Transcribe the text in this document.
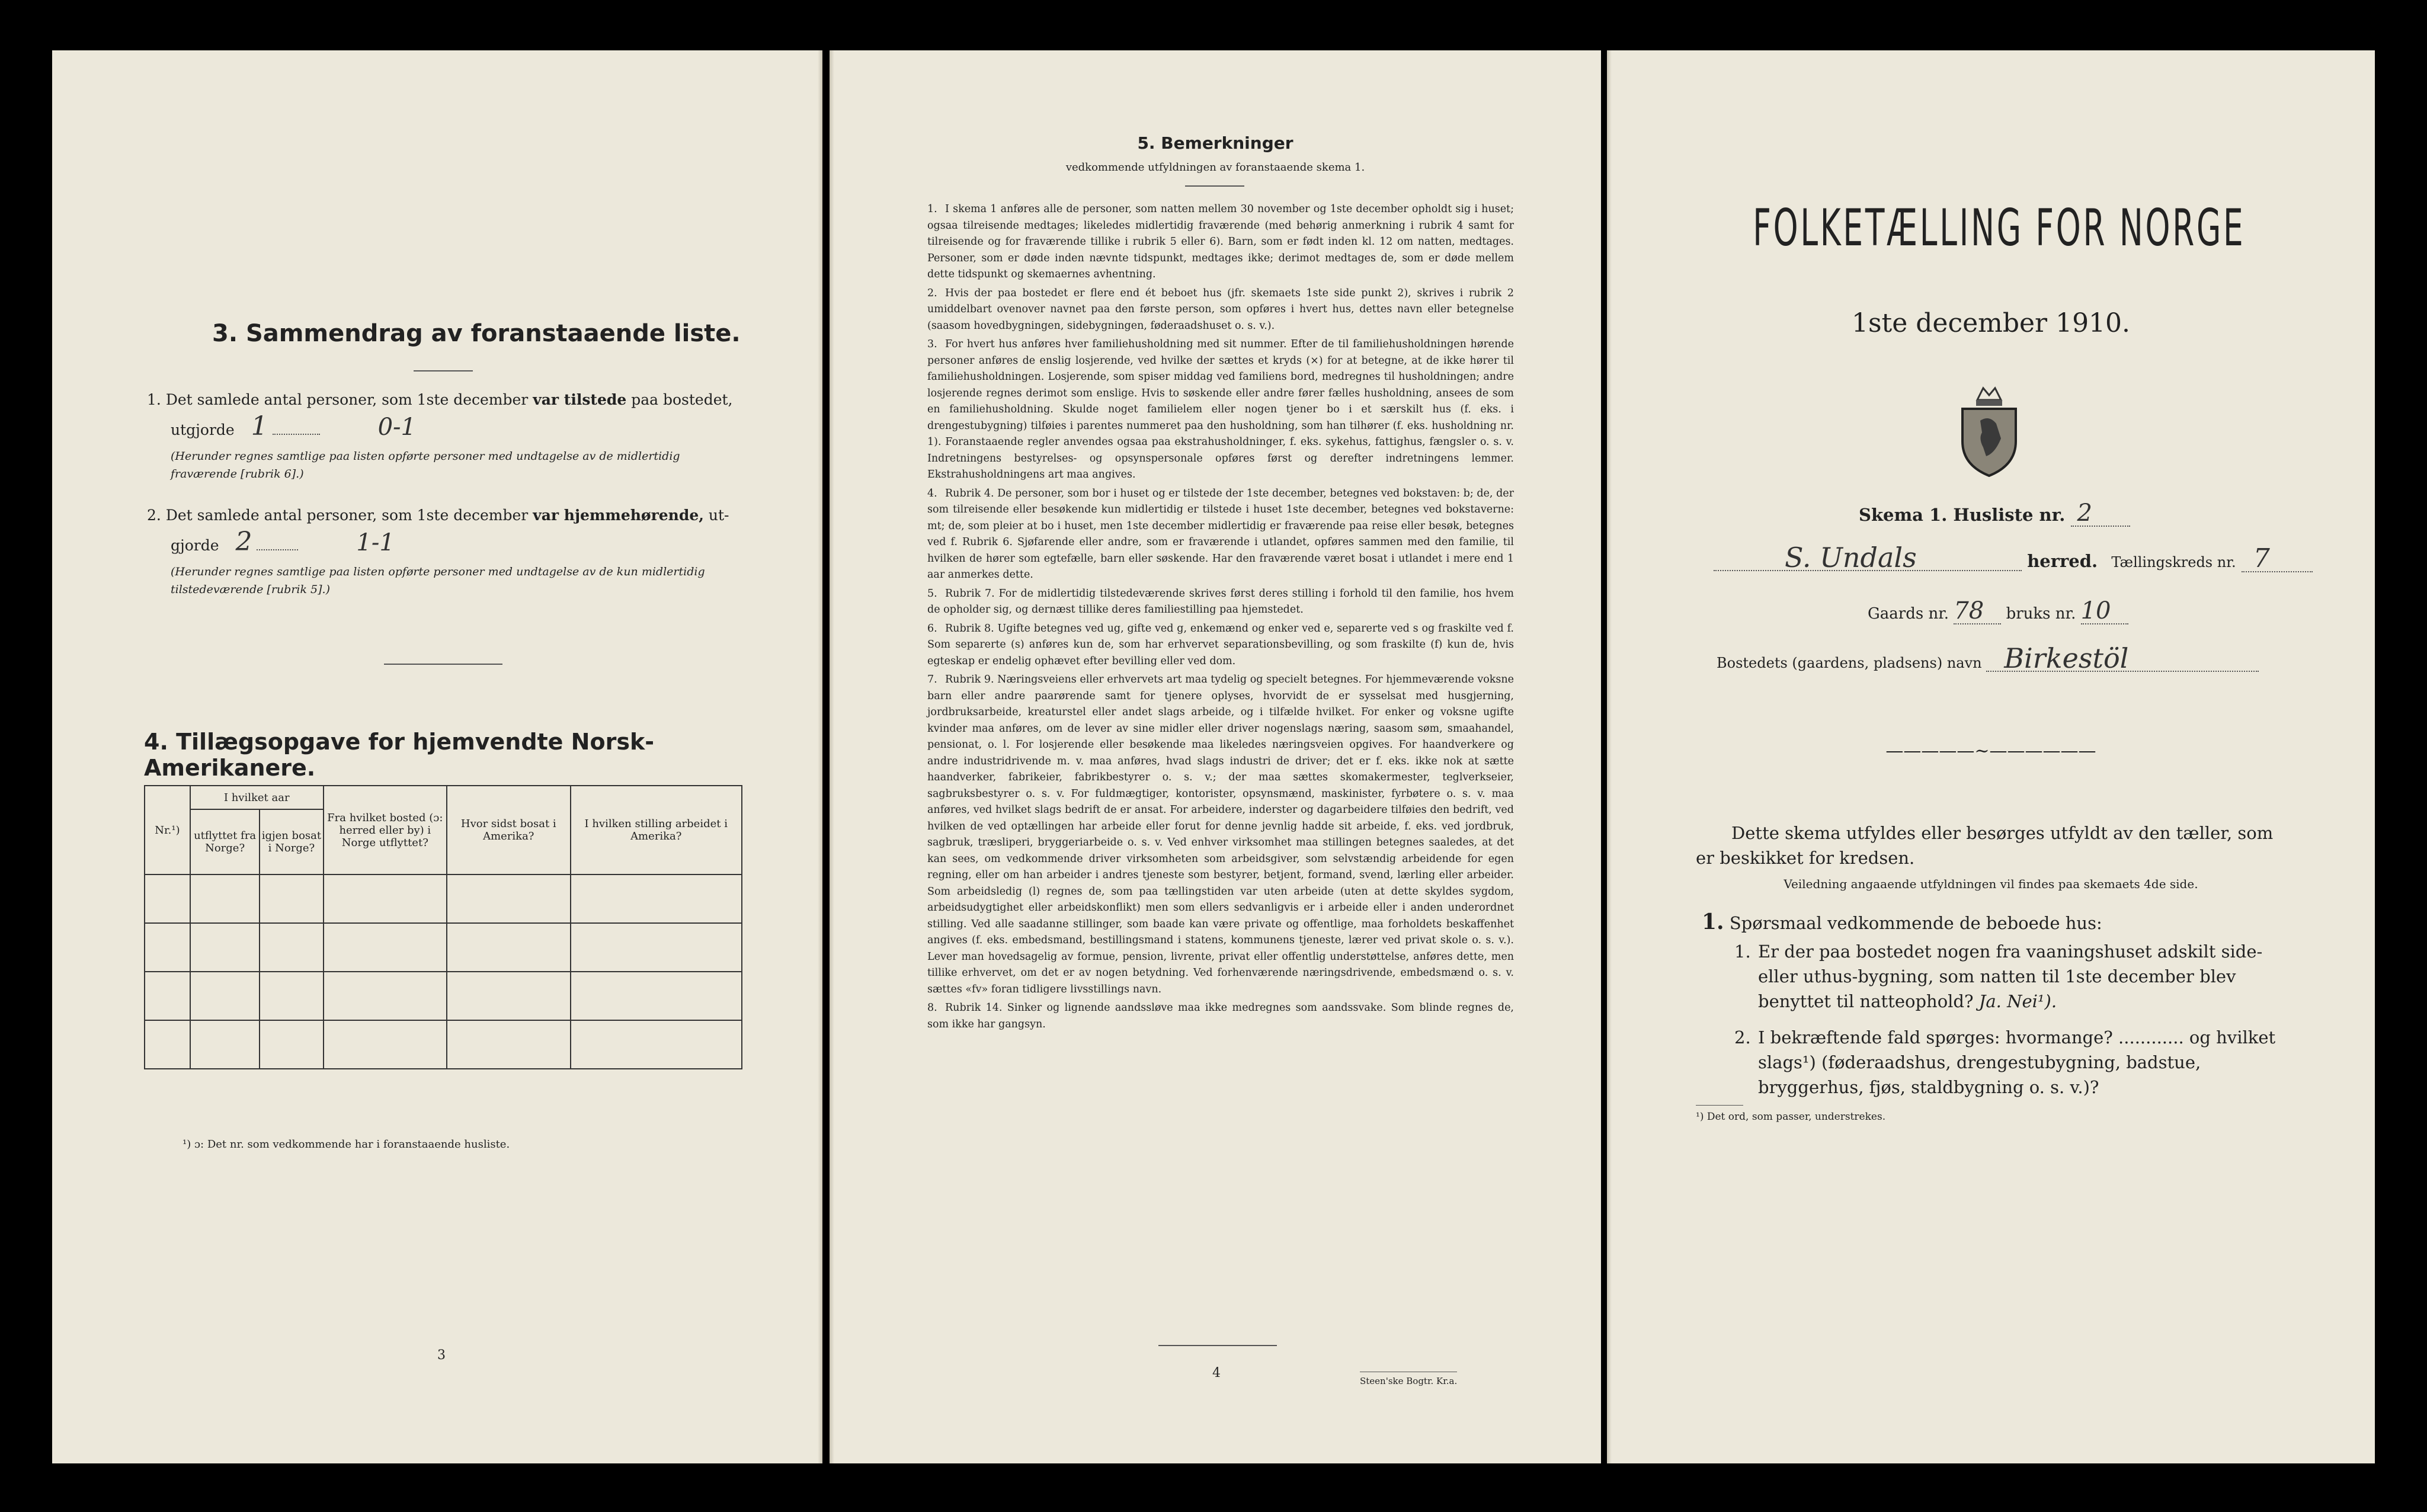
3. Sammendrag av foranstaaende liste.
1. Det samlede antal personer, som 1ste december var tilstede paa bostedet,
utgjorde 1	0-1
(Herunder regnes samtlige paa listen opførte personer med undtagelse av de midlertidig fraværende [rubrik 6].)
2. Det samlede antal personer, som 1ste december var hjemmehørende, ut-
gjorde 2	1-1
(Herunder regnes samtlige paa listen opførte personer med undtagelse av de kun midlertidig tilstedeværende [rubrik 5].)
4. Tillægsopgave for hjemvendte Norsk-Amerikanere.
Nr.¹)	I hvilket aar		Fra hvilket bosted (ɔ: herred eller by) i Norge utflyttet?	Hvor sidst bosat i Amerika?	I hvilken stilling arbeidet i Amerika?
	utflyttet fra Norge?	igjen bosat i Norge?			

¹) ɔ: Det nr. som vedkommende har i foranstaaende husliste.
3
5. Bemerkninger
vedkommende utfyldningen av foranstaaende skema 1.
1. I skema 1 anføres alle de personer, som natten mellem 30 november og 1ste december opholdt sig i huset; ogsaa tilreisende medtages; likeledes midlertidig fraværende (med behørig anmerkning i rubrik 4 samt for tilreisende og for fraværende tillike i rubrik 5 eller 6). Barn, som er født inden kl. 12 om natten, medtages. Personer, som er døde inden nævnte tidspunkt, medtages ikke; derimot medtages de, som er døde mellem dette tidspunkt og skemaernes avhentning.
2. Hvis der paa bostedet er flere end ét beboet hus (jfr. skemaets 1ste side punkt 2), skrives i rubrik 2 umiddelbart ovenover navnet paa den første person, som opføres i hvert hus, dettes navn eller betegnelse (saasom hovedbygningen, sidebygningen, føderaadshuset o. s. v.).
3. For hvert hus anføres hver familiehusholdning med sit nummer. Efter de til familiehusholdningen hørende personer anføres de enslig losjerende, ved hvilke der sættes et kryds (×) for at betegne, at de ikke hører til familiehusholdningen. Losjerende, som spiser middag ved familiens bord, medregnes til husholdningen; andre losjerende regnes derimot som enslige. Hvis to søskende eller andre fører fælles husholdning, ansees de som en familiehusholdning. Skulde noget familielem eller nogen tjener bo i et særskilt hus (f. eks. i drengestubygning) tilføies i parentes nummeret paa den husholdning, som han tilhører (f. eks. husholdning nr. 1). Foranstaaende regler anvendes ogsaa paa ekstrahusholdninger, f. eks. sykehus, fattighus, fængsler o. s. v. Indretningens bestyrelses- og opsynspersonale opføres først og derefter indretningens lemmer. Ekstrahusholdningens art maa angives.
4. Rubrik 4. De personer, som bor i huset og er tilstede der 1ste december, betegnes ved bokstaven: b; de, der som tilreisende eller besøkende kun midlertidig er tilstede i huset 1ste december, betegnes ved bokstaverne: mt; de, som pleier at bo i huset, men 1ste december midlertidig er fraværende paa reise eller besøk, betegnes ved f. Rubrik 6. Sjøfarende eller andre, som er fraværende i utlandet, opføres sammen med den familie, til hvilken de hører som egtefælle, barn eller søskende. Har den fraværende været bosat i utlandet i mere end 1 aar anmerkes dette.
5. Rubrik 7. For de midlertidig tilstedeværende skrives først deres stilling i forhold til den familie, hos hvem de opholder sig, og dernæst tillike deres familiestilling paa hjemstedet.
6. Rubrik 8. Ugifte betegnes ved ug, gifte ved g, enkemænd og enker ved e, separerte ved s og fraskilte ved f. Som separerte (s) anføres kun de, som har erhvervet separationsbevilling, og som fraskilte (f) kun de, hvis egteskap er endelig ophævet efter bevilling eller ved dom.
7. Rubrik 9. Næringsveiens eller erhvervets art maa tydelig og specielt betegnes. For hjemmeværende voksne barn eller andre paarørende samt for tjenere oplyses, hvorvidt de er sysselsat med husgjerning, jordbruksarbeide, kreaturstel eller andet slags arbeide, og i tilfælde hvilket. For enker og voksne ugifte kvinder maa anføres, om de lever av sine midler eller driver nogenslags næring, saasom søm, smaahandel, pensionat, o. l. For losjerende eller besøkende maa likeledes næringsveien opgives. For haandverkere og andre industridrivende m. v. maa anføres, hvad slags industri de driver; det er f. eks. ikke nok at sætte haandverker, fabrikeier, fabrikbestyrer o. s. v.; der maa sættes skomakermester, teglverkseier, sagbruksbestyrer o. s. v. For fuldmægtiger, kontorister, opsynsmænd, maskinister, fyrbøtere o. s. v. maa anføres, ved hvilket slags bedrift de er ansat. For arbeidere, inderster og dagarbeidere tilføies den bedrift, ved hvilken de ved optællingen har arbeide eller forut for denne jevnlig hadde sit arbeide, f. eks. ved jordbruk, sagbruk, træsliperi, bryggeriarbeide o. s. v. Ved enhver virksomhet maa stillingen betegnes saaledes, at det kan sees, om vedkommende driver virksomheten som arbeidsgiver, som selvstændig arbeidende for egen regning, eller om han arbeider i andres tjeneste som bestyrer, betjent, formand, svend, lærling eller arbeider. Som arbeidsledig (l) regnes de, som paa tællingstiden var uten arbeide (uten at dette skyldes sygdom, arbeidsudygtighet eller arbeidskonflikt) men som ellers sedvanligvis er i arbeide eller i anden underordnet stilling. Ved alle saadanne stillinger, som baade kan være private og offentlige, maa forholdets beskaffenhet angives (f. eks. embedsmand, bestillingsmand i statens, kommunens tjeneste, lærer ved privat skole o. s. v.). Lever man hovedsagelig av formue, pension, livrente, privat eller offentlig understøttelse, anføres dette, men tillike erhvervet, om det er av nogen betydning. Ved forhenværende næringsdrivende, embedsmænd o. s. v. sættes «fv» foran tidligere livsstillings navn.
8. Rubrik 14. Sinker og lignende aandssløve maa ikke medregnes som aandssvake. Som blinde regnes de, som ikke har gangsyn.
4
Steen'ske Bogtr. Kr.a.
FOLKETÆLLING FOR NORGE
1ste december 1910.
Skema 1. Husliste nr. 2
S. Undals	herred. Tællingskreds nr. 7
Gaards nr. 78 bruks nr. 10
Bostedets (gaardens, pladsens) navn Birkestöl
—————~——————
Dette skema utfyldes eller besørges utfyldt av den tæller, som er beskikket for kredsen.
Veiledning angaaende utfyldningen vil findes paa skemaets 4de side.
1. Spørsmaal vedkommende de beboede hus:
1. Er der paa bostedet nogen fra vaaningshuset adskilt side- eller uthus-bygning, som natten til 1ste december blev benyttet til natteophold? Ja. Nei¹).
2. I bekræftende fald spørges: hvormange? ............ og hvilket slags¹) (føderaadshus, drengestubygning, badstue, bryggerhus, fjøs, staldbygning o. s. v.)?
¹) Det ord, som passer, understrekes.
